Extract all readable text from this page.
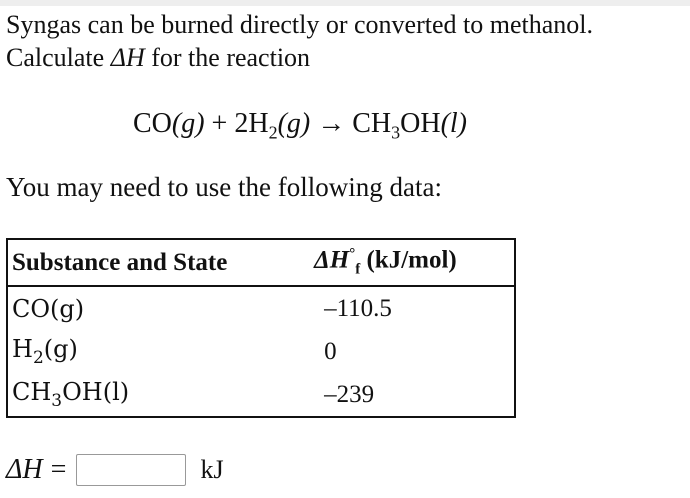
Syngas can be burned directly or converted to methanol.
Calculate ΔH for the reaction
$CO(g) + 2H_2(g) \to CH_3OH(l)$
You may need to use the following data:
Substance and State	$\Delta H^\circ_f$ (kJ/mol)
CO(g)	–110.5
$H_2(g)$	0
$CH_3OH(l)$	–239
ΔH =	kJ
